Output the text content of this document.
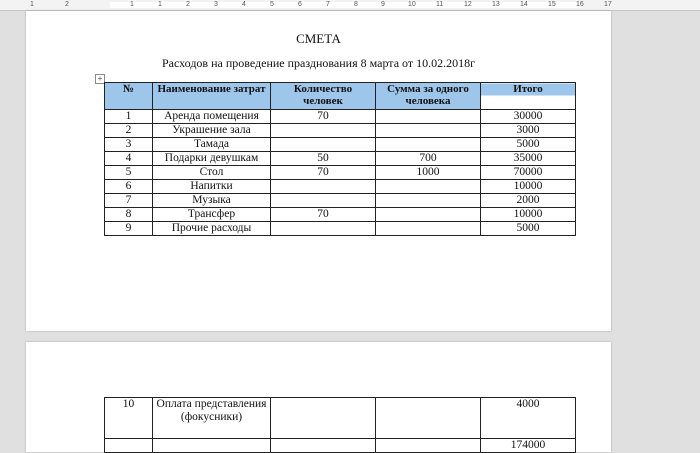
1	2	1	1	2	3	4	5	6	7	8	9	10	11	12	13	14	15	16	17
СМЕТА
Расходов на проведение празднования 8 марта от 10.02.2018г
+
№	Наименование затрат	Количество человек	Сумма за одного человека	Итого
1	Аренда помещения	70		30000
2	Украшение зала			3000
3	Тамада			5000
4	Подарки девушкам	50	700	35000
5	Стол	70	1000	70000
6	Напитки			10000
7	Музыка			2000
8	Трансфер	70		10000
9	Прочие расходы			5000
10	Оплата представления (фокусники)			4000
				174000
